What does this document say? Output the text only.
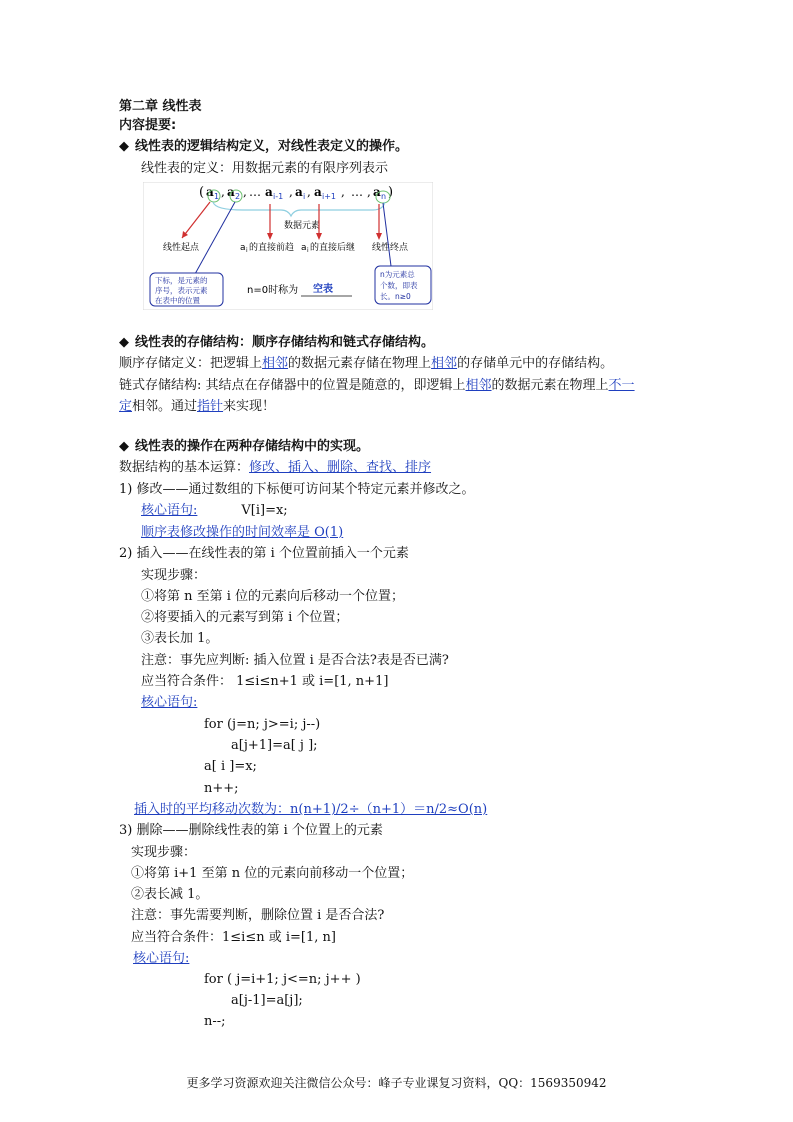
第二章 线性表
内容提要:
◆ 线性表的逻辑结构定义，对线性表定义的操作。
线性表的定义：用数据元素的有限序列表示
( a 1 , a 2 , … a i-1 , a i , a i+1 , … , a n )
数据元素
线性起点	a i 的直接前趋 a i 的直接后继 线性终点
下标，是元素的
序号，表示元素
在表中的位置
n=0时称为 空表
n为元素总
个数，即表
长。n≥0
◆ 线性表的存储结构：顺序存储结构和链式存储结构。
顺序存储定义：把逻辑上相邻的数据元素存储在物理上相邻的存储单元中的存储结构。
链式存储结构: 其结点在存储器中的位置是随意的，即逻辑上相邻的数据元素在物理上不一
定相邻。通过指针来实现！
◆ 线性表的操作在两种存储结构中的实现。
数据结构的基本运算：修改、插入、删除、查找、排序
1) 修改——通过数组的下标便可访问某个特定元素并修改之。
核心语句:	V[i]=x;
顺序表修改操作的时间效率是 O(1)
2) 插入——在线性表的第 i 个位置前插入一个元素
实现步骤：
①将第 n 至第 i 位的元素向后移动一个位置；
②将要插入的元素写到第 i 个位置；
③表长加 1。
注意：事先应判断: 插入位置 i 是否合法?表是否已满?
应当符合条件： 1≤i≤n+1 或 i=[1, n+1]
核心语句:
for (j=n; j>=i; j--)
a[j+1]=a[ j ];
a[ i ]=x;
n++;
插入时的平均移动次数为：n(n+1)/2÷（n+1）＝n/2≈O(n)
3) 删除——删除线性表的第 i 个位置上的元素
实现步骤：
①将第 i+1 至第 n 位的元素向前移动一个位置；
②表长减 1。
注意：事先需要判断，删除位置 i 是否合法?
应当符合条件：1≤i≤n 或 i=[1, n]
核心语句:
for ( j=i+1; j<=n; j++ )
a[j-1]=a[j];
n--;
更多学习资源欢迎关注微信公众号：峰子专业课复习资料，QQ：1569350942
